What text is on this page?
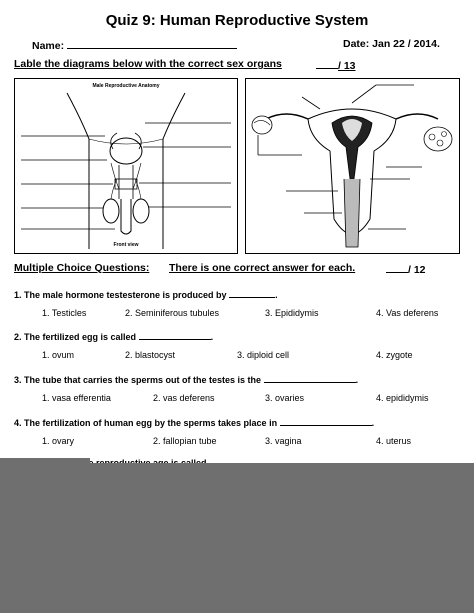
Quiz 9: Human Reproductive System
Name:	Date: Jan 22 / 2014.
Lable the diagrams below with the correct sex organs	/ 13
Male Reproductive Anatomy
Front view
Multiple Choice Questions: There is one correct answer for each.	/ 12
1. The male hormone testesterone is produced by	.
1. Testicles	2. Seminiferous tubules	3. Epididymis	4. Vas deferens
2. The fertilized egg is called	.
1. ovum	2. blastocyst	3. diploid cell	4. zygote
3. The tube that carries the sperms out of the testes is the	.
1. vasa efferentia	2. vas deferens	3. ovaries	4. epididymis
4. The fertilization of human egg by the sperms takes place in	.
1. ovary	2. fallopian tube	3. vagina	4. uterus
